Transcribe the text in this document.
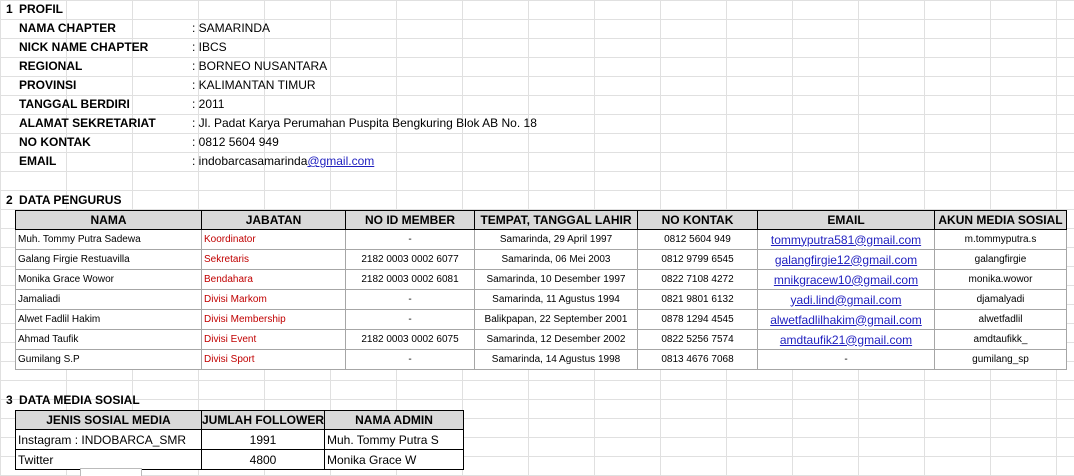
1 PROFIL
NAMA CHAPTER	: SAMARINDA
NICK NAME CHAPTER	: IBCS
REGIONAL	: BORNEO NUSANTARA
PROVINSI	: KALIMANTAN TIMUR
TANGGAL BERDIRI	: 2011
ALAMAT SEKRETARIAT	: Jl. Padat Karya Perumahan Puspita Bengkuring Blok AB No. 18
NO KONTAK	: 0812 5604 949
EMAIL	: indobarcasamarinda@gmail.com
2 DATA PENGURUS
NAMA	JABATAN	NO ID MEMBER	TEMPAT, TANGGAL LAHIR	NO KONTAK	EMAIL	AKUN MEDIA SOSIAL
Muh. Tommy Putra Sadewa	Koordinator	-	Samarinda, 29 April 1997	0812 5604 949	tommyputra581@gmail.com	m.tommyputra.s
Galang Firgie Restuavilla	Sekretaris	2182 0003 0002 6077	Samarinda, 06 Mei 2003	0812 9799 6545	galangfirgie12@gmail.com	galangfirgie
Monika Grace Wowor	Bendahara	2182 0003 0002 6081	Samarinda, 10 Desember 1997	0822 7108 4272	mnikgracew10@gmail.com	monika.wowor
Jamaliadi	Divisi Markom	-	Samarinda, 11 Agustus 1994	0821 9801 6132	yadi.lind@gmail.com	djamalyadi
Alwet Fadlil Hakim	Divisi Membership	-	Balikpapan, 22 September 2001	0878 1294 4545	alwetfadlilhakim@gmail.com	alwetfadlil
Ahmad Taufik	Divisi Event	2182 0003 0002 6075	Samarinda, 12 Desember 2002	0822 5256 7574	amdtaufik21@gmail.com	amdtaufikk_
Gumilang S.P	Divisi Sport	-	Samarinda, 14 Agustus 1998	0813 4676 7068	-	gumilang_sp
3 DATA MEDIA SOSIAL
JENIS SOSIAL MEDIA	JUMLAH FOLLOWER	NAMA ADMIN
Instagram : INDOBARCA_SMR	1991	Muh. Tommy Putra S
Twitter	4800	Monika Grace W
